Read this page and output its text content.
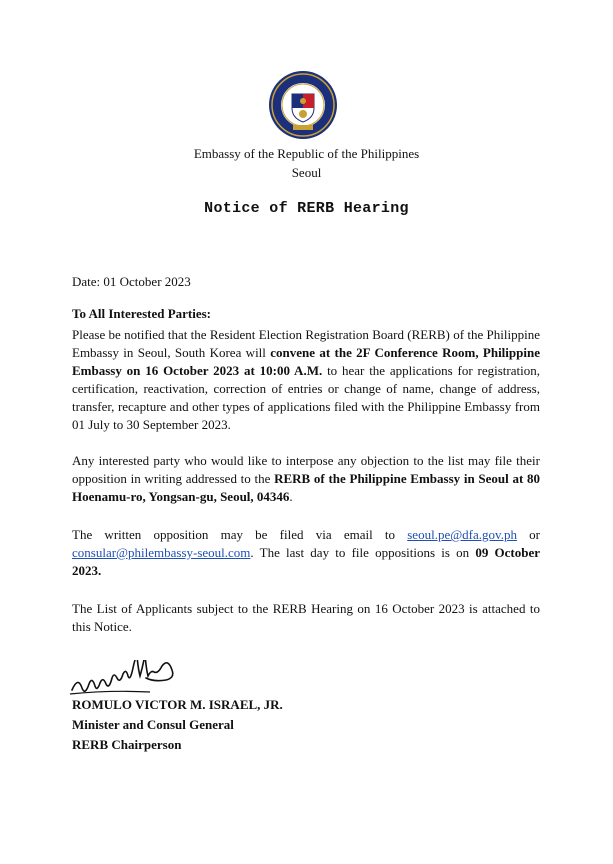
Embassy of the Republic of the Philippines
Seoul
Notice of RERB Hearing
Date: 01 October 2023
To All Interested Parties:
Please be notified that the Resident Election Registration Board (RERB) of the Philippine Embassy in Seoul, South Korea will convene at the 2F Conference Room, Philippine Embassy on 16 October 2023 at 10:00 A.M. to hear the applications for registration, certification, reactivation, correction of entries or change of name, change of address, transfer, recapture and other types of applications filed with the Philippine Embassy from 01 July to 30 September 2023.
Any interested party who would like to interpose any objection to the list may file their opposition in writing addressed to the RERB of the Philippine Embassy in Seoul at 80 Hoenamu-ro, Yongsan-gu, Seoul, 04346.
The written opposition may be filed via email to seoul.pe@dfa.gov.ph or consular@philembassy-seoul.com. The last day to file oppositions is on 09 October 2023.
The List of Applicants subject to the RERB Hearing on 16 October 2023 is attached to this Notice.
ROMULO VICTOR M. ISRAEL, JR.
Minister and Consul General
RERB Chairperson
